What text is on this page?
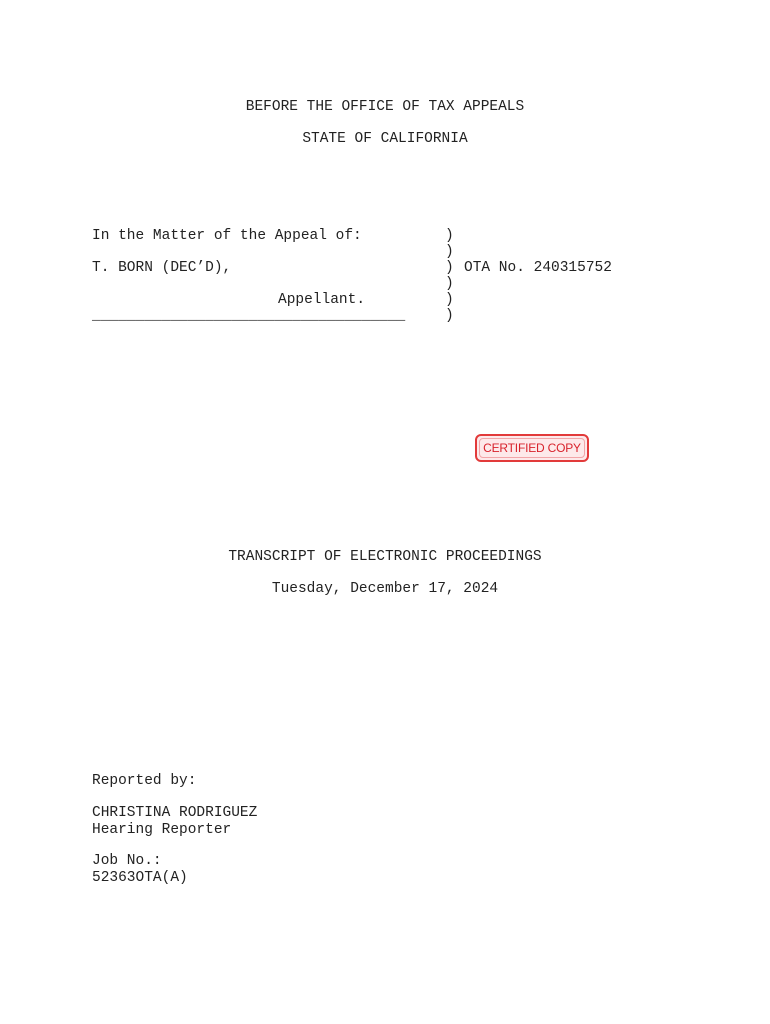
BEFORE THE OFFICE OF TAX APPEALS

STATE OF CALIFORNIA

In the Matter of the Appeal of:

T. BORN (DEC’D),

Appellant.

____________________________________

)

)

)

)

)

)

OTA No. 240315752

CERTIFIED COPY

TRANSCRIPT OF ELECTRONIC PROCEEDINGS

Tuesday, December 17, 2024

Reported by:

CHRISTINA RODRIGUEZ

Hearing Reporter

Job No.:

52363OTA(A)
